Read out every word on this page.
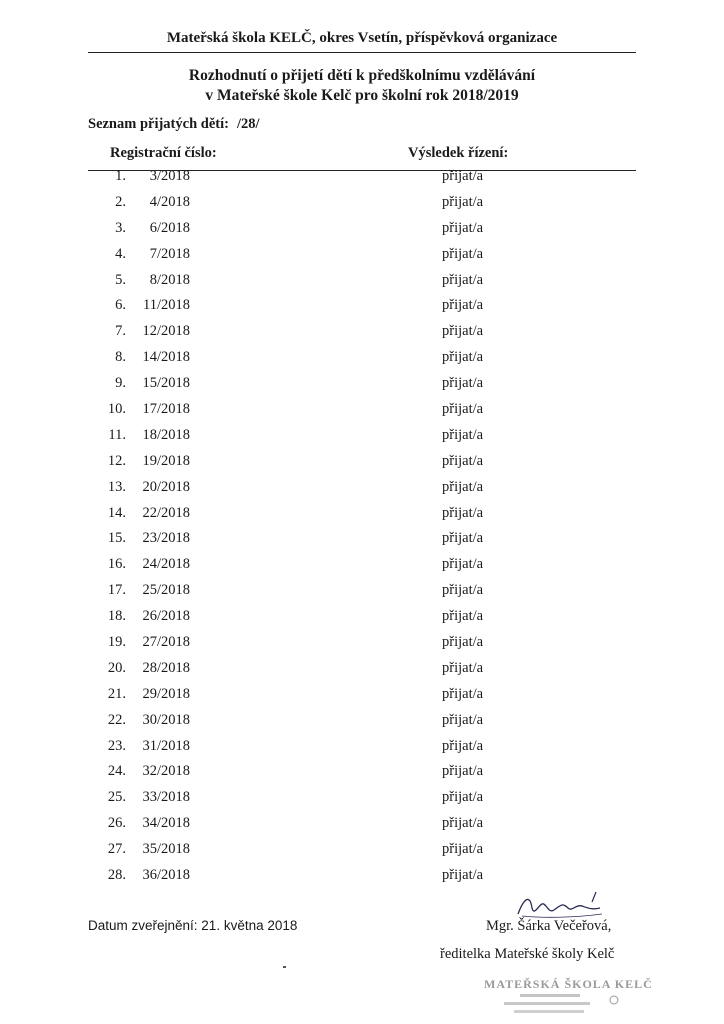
Mateřská škola KELČ, okres Vsetín, příspěvková organizace
Rozhodnutí o přijetí dětí k předškolnímu vzdělávání
v Mateřské škole Kelč pro školní rok 2018/2019
Seznam přijatých dětí: /28/
Registrační číslo:	Výsledek řízení:
1.	3/2018	přijat/a
2.	4/2018	přijat/a
3.	6/2018	přijat/a
4.	7/2018	přijat/a
5.	8/2018	přijat/a
6.	11/2018	přijat/a
7.	12/2018	přijat/a
8.	14/2018	přijat/a
9.	15/2018	přijat/a
10.	17/2018	přijat/a
11.	18/2018	přijat/a
12.	19/2018	přijat/a
13.	20/2018	přijat/a
14.	22/2018	přijat/a
15.	23/2018	přijat/a
16.	24/2018	přijat/a
17.	25/2018	přijat/a
18.	26/2018	přijat/a
19.	27/2018	přijat/a
20.	28/2018	přijat/a
21.	29/2018	přijat/a
22.	30/2018	přijat/a
23.	31/2018	přijat/a
24.	32/2018	přijat/a
25.	33/2018	přijat/a
26.	34/2018	přijat/a
27.	35/2018	přijat/a
28.	36/2018	přijat/a
Datum zveřejnění: 21. května 2018	Mgr. Šárka Večeřová,
ředitelka Mateřské školy Kelč
MATEŘSKÁ ŠKOLA KELČ
